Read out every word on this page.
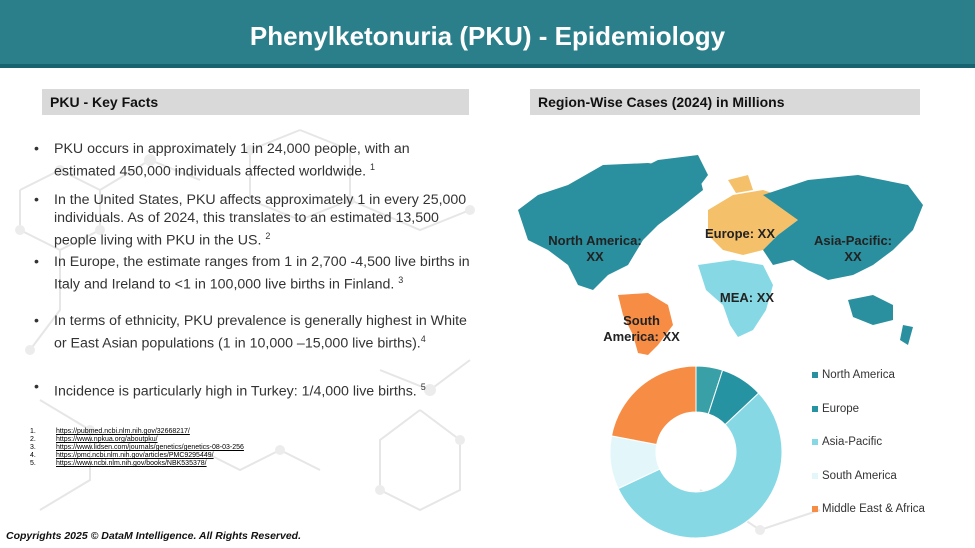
Phenylketonuria (PKU) - Epidemiology
PKU - Key Facts
• PKU occurs in approximately 1 in 24,000 people, with an estimated 450,000 individuals affected worldwide. $^1$
• In the United States, PKU affects approximately 1 in every 25,000 individuals. As of 2024, this translates to an estimated 13,500 people living with PKU in the US. $^2$
• In Europe, the estimate ranges from 1 in 2,700 -4,500 live births in Italy and Ireland to <1 in 100,000 live births in Finland. $^3$
• In terms of ethnicity, PKU prevalence is generally highest in White or East Asian populations (1 in 10,000 –15,000 live births).$^4$
• Incidence is particularly high in Turkey: 1/4,000 live births. $^5$
1.	https://pubmed.ncbi.nlm.nih.gov/32668217/
2.	https://www.npkua.org/aboutpku/
3.	https://www.lidsen.com/journals/genetics/genetics-08-03-256
4.	https://pmc.ncbi.nlm.nih.gov/articles/PMC9295449/
5.	https://www.ncbi.nlm.nih.gov/books/NBK535378/
Region-Wise Cases (2024) in Millions
North America: XX
Europe: XX	Asia-Pacific: XX
MEA: XX
South America: XX
North America
Europe
Asia-Pacific
South America
Middle East & Africa
Copyrights 2025 © DataM Intelligence. All Rights Reserved.
